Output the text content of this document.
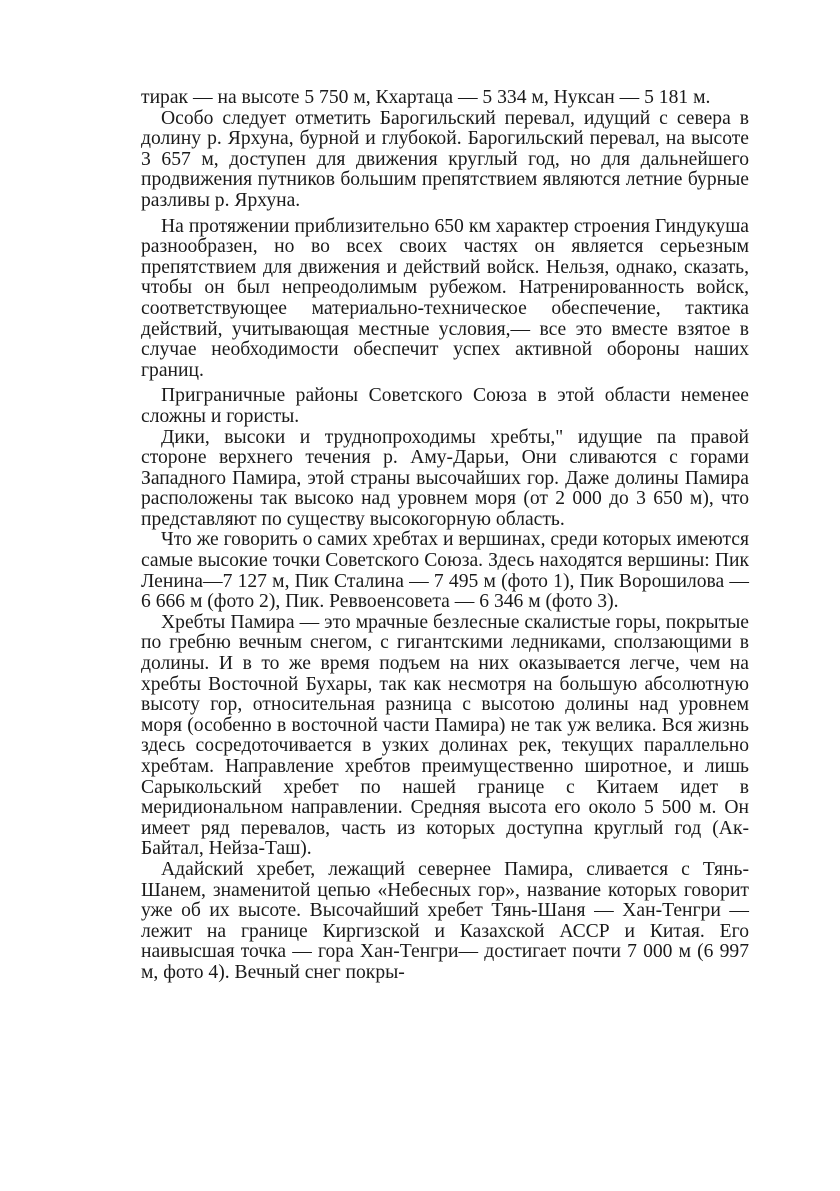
тирак — на высоте 5 750 м, Кхартаца — 5 334 м, Нуксан — 5 181 м.

Особо следует отметить Барогильский перевал, идущий с севера в долину р. Ярхуна, бурной и глубокой. Барогильский перевал, на высоте 3 657 м, доступен для движения круглый год, но для дальнейшего продвижения путников большим препятствием являются летние бурные разливы р. Ярхуна.

На протяжении приблизительно 650 км характер строения Гиндукуша разнообразен, но во всех своих частях он является серьезным препятствием для движения и действий войск. Нельзя, однако, сказать, чтобы он был непреодолимым рубежом. Натренированность войск, соответствующее материально-техническое обеспечение, тактика действий, учитывающая местные условия,— все это вместе взятое в случае необходимости обеспечит успех активной обороны наших границ.

Приграничные районы Советского Союза в этой области неменее сложны и гористы.

Дики, высоки и труднопроходимы хребты," идущие па правой стороне верхнего течения р. Аму-Дарьи, Они сливаются с горами Западного Памира, этой страны высочайших гор. Даже долины Памира расположены так высоко над уровнем моря (от 2 000 до 3 650 м), что представляют по существу высокогорную область.

Что же говорить о самих хребтах и вершинах, среди которых имеются самые высокие точки Советского Союза. Здесь находятся вершины: Пик Ленина—7 127 м, Пик Сталина — 7 495 м (фото 1), Пик Ворошилова — 6 666 м (фото 2), Пик. Реввоенсовета — 6 346 м (фото 3).

Хребты Памира — это мрачные безлесные скалистые горы, покрытые по гребню вечным снегом, с гигантскими ледниками, сползающими в долины. И в то же время подъем на них оказывается легче, чем на хребты Восточной Бухары, так как несмотря на большую абсолютную высоту гор, относительная разница с высотою долины над уровнем моря (особенно в восточной части Памира) не так уж велика. Вся жизнь здесь сосредоточивается в узких долинах рек, текущих параллельно хребтам. Направление хребтов преимущественно широтное, и лишь Сарыкольский хребет по нашей границе с Китаем идет в меридиональном направлении. Средняя высота его около 5 500 м. Он имеет ряд перевалов, часть из которых доступна круглый год (Ак-Байтал, Нейза-Таш).

Адайский хребет, лежащий севернее Памира, сливается с Тянь-Шанем, знаменитой цепью «Небесных гор», название которых говорит уже об их высоте. Высочайший хребет Тянь-Шаня — Хан-Тенгри — лежит на границе Киргизской и Казахской АССР и Китая. Его наивысшая точка — гора Хан-Тенгри— достигает почти 7 000 м (6 997 м, фото 4). Вечный снег покры-
